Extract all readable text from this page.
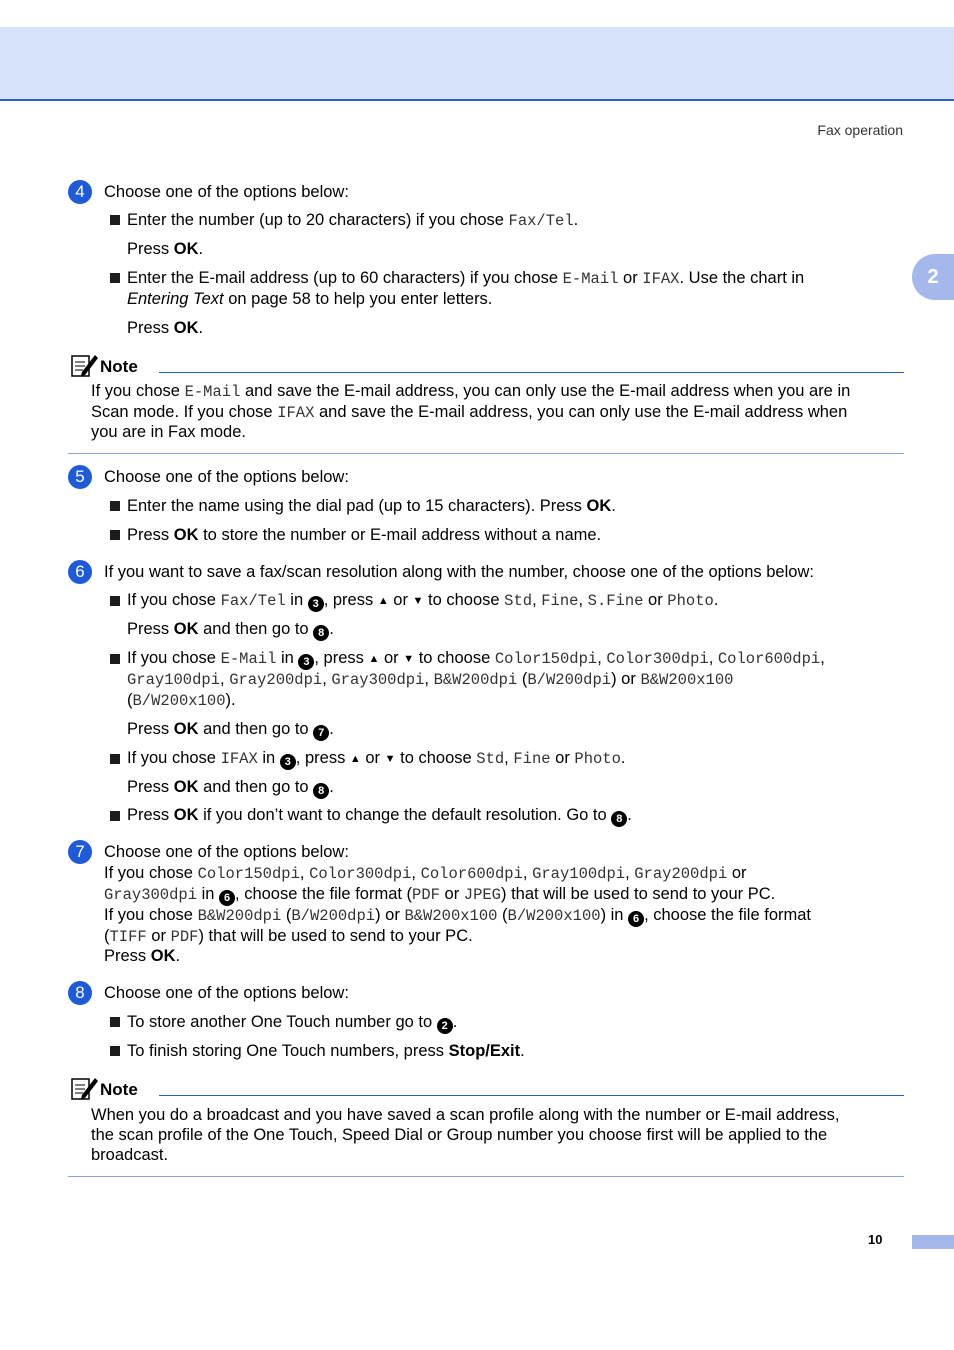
Fax operation
2
4	Choose one of the options below:
Enter the number (up to 20 characters) if you chose Fax/Tel.
Press OK.
Enter the E-mail address (up to 60 characters) if you chose E-Mail or IFAX. Use the chart in
Entering Text on page 58 to help you enter letters.
Press OK.
Note
If you chose E-Mail and save the E-mail address, you can only use the E-mail address when you are in
Scan mode. If you chose IFAX and save the E-mail address, you can only use the E-mail address when
you are in Fax mode.
5	Choose one of the options below:
Enter the name using the dial pad (up to 15 characters). Press OK.
Press OK to store the number or E-mail address without a name.
6	If you want to save a fax/scan resolution along with the number, choose one of the options below:
If you chose Fax/Tel in 3 , press ▲ or ▼ to choose Std, Fine, S.Fine or Photo.
Press OK and then go to 8 .
If you chose E-Mail in 3 , press ▲ or ▼ to choose Color150dpi, Color300dpi, Color600dpi,
Gray100dpi, Gray200dpi, Gray300dpi, B&W200dpi (B/W200dpi) or B&W200x100
(B/W200x100).
Press OK and then go to 7 .
If you chose IFAX in 3 , press ▲ or ▼ to choose Std, Fine or Photo.
Press OK and then go to 8 .
Press OK if you don’t want to change the default resolution. Go to 8 .
7	Choose one of the options below:
If you chose Color150dpi, Color300dpi, Color600dpi, Gray100dpi, Gray200dpi or
Gray300dpi in 6 , choose the file format (PDF or JPEG) that will be used to send to your PC.
If you chose B&W200dpi (B/W200dpi) or B&W200x100 (B/W200x100) in 6 , choose the file format
(TIFF or PDF) that will be used to send to your PC.
Press OK.
8	Choose one of the options below:
To store another One Touch number go to 2 .
To finish storing One Touch numbers, press Stop/Exit.
Note
When you do a broadcast and you have saved a scan profile along with the number or E-mail address,
the scan profile of the One Touch, Speed Dial or Group number you choose first will be applied to the
broadcast.
10
